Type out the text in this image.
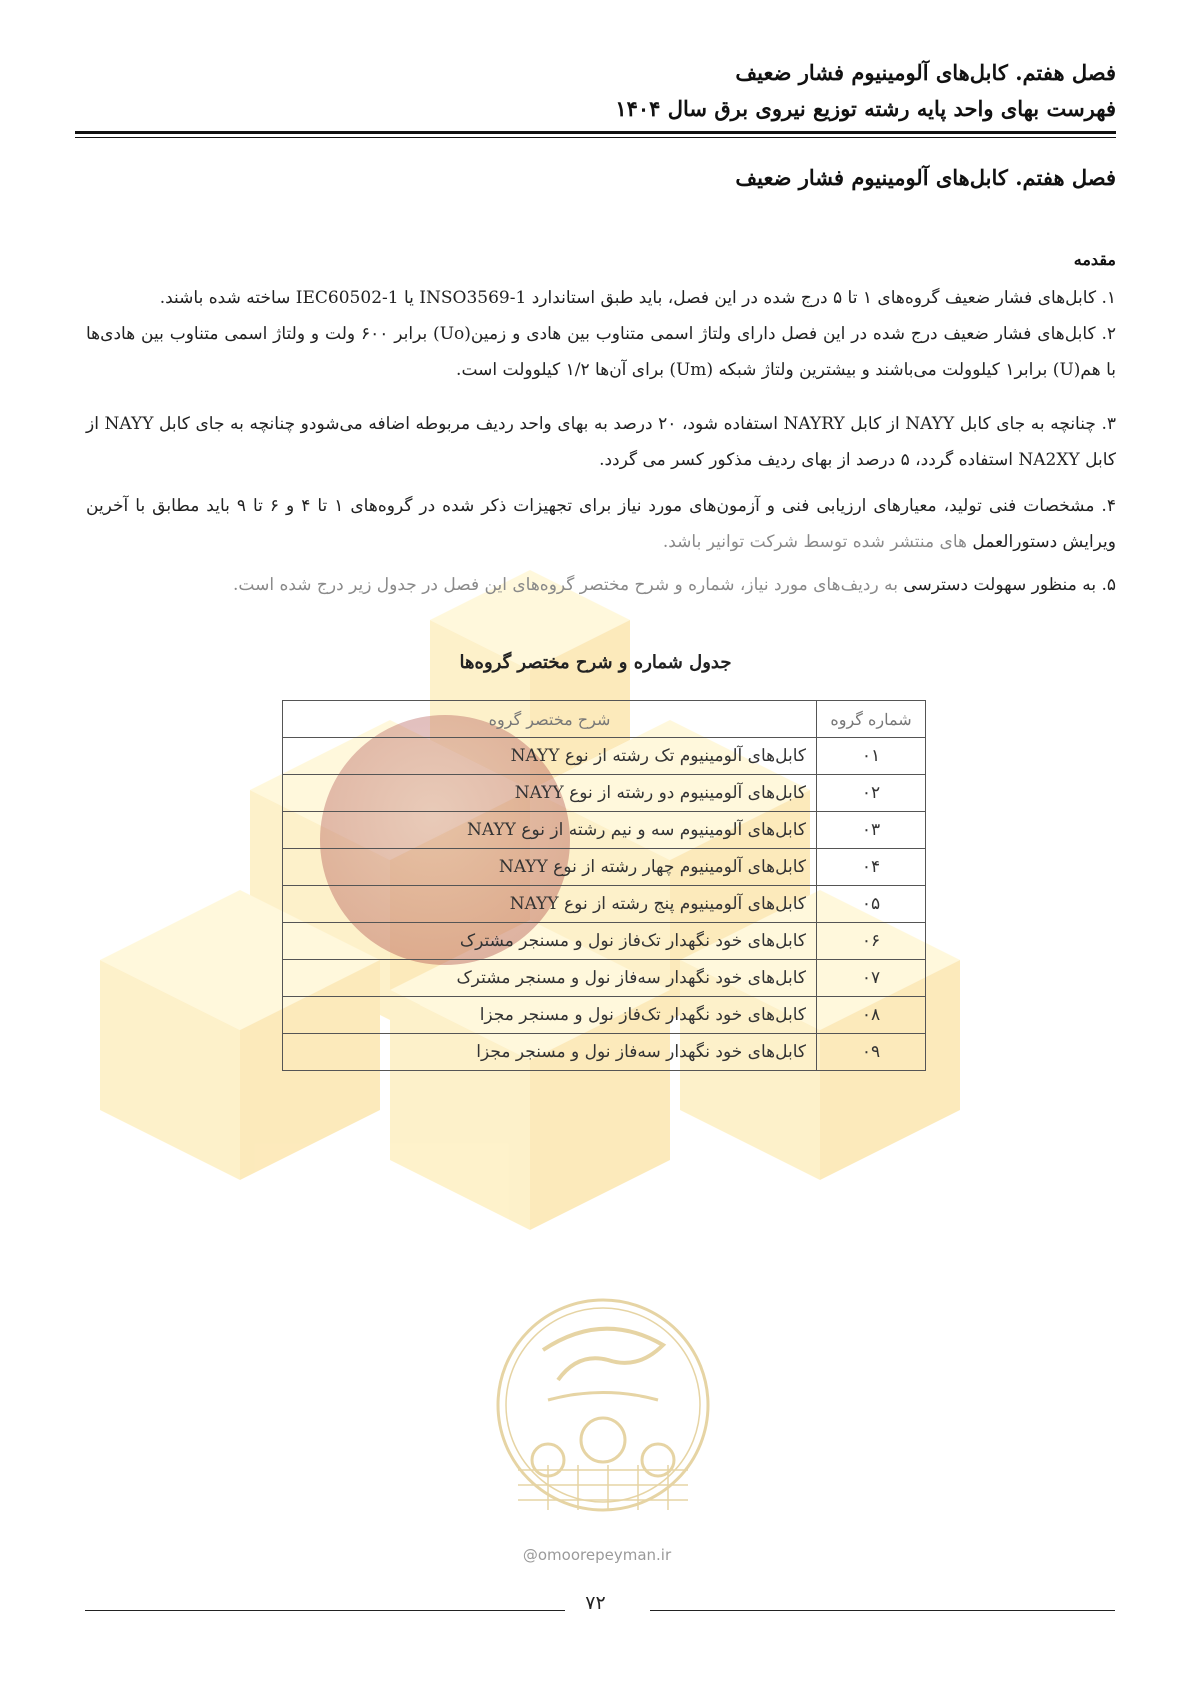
@omoorepeyman.ir
فصل هفتم. کابل‌های آلومینیوم فشار ضعیف
فهرست بهای واحد پایه رشته توزیع نیروی برق سال ۱۴۰۴
فصل هفتم. کابل‌های آلومینیوم فشار ضعیف
مقدمه
۱. کابل‌های فشار ضعیف گروه‌های ۱ تا ۵ درج شده در این فصل، باید طبق استاندارد INSO3569-1 یا IEC60502-1 ساخته شده باشند.
۲. کابل‌های فشار ضعیف درج شده در این فصل دارای ولتاژ اسمی متناوب بین هادی و زمین(Uo) برابر ۶۰۰ ولت و ولتاژ اسمی متناوب بین هادی‌ها با هم(U) برابر۱ کیلوولت می‌باشند و بیشترین ولتاژ شبکه (Um) برای آن‌ها ۱/۲ کیلوولت است.
۳. چنانچه به جای کابل NAYY از کابل NAYRY استفاده شود، ۲۰ درصد به بهای واحد ردیف مربوطه اضافه می‌شودو چنانچه به جای کابل NAYY از کابل NA2XY استفاده گردد، ۵ درصد از بهای ردیف مذکور کسر می گردد.
۴. مشخصات فنی تولید، معیارهای ارزیابی فنی و آزمون‌های مورد نیاز برای تجهیزات ذکر شده در گروه‌های ۱ تا ۴ و ۶ تا ۹ باید مطابق با آخرین ویرایش دستورالعمل های منتشر شده توسط شرکت توانیر باشد.
۵. به منظور سهولت دسترسی به ردیف‌های مورد نیاز، شماره و شرح مختصر گروه‌های این فصل در جدول زیر درج شده است.
جدول شماره و شرح مختصر گروه‌ها
شماره گروه	شرح مختصر گروه
۰۱	کابل‌های آلومینیوم تک رشته از نوع NAYY
۰۲	کابل‌های آلومینیوم دو رشته از نوع NAYY
۰۳	کابل‌های آلومینیوم سه و نیم رشته از نوع NAYY
۰۴	کابل‌های آلومینیوم چهار رشته از نوع NAYY
۰۵	کابل‌های آلومینیوم پنج رشته از نوع NAYY
۰۶	کابل‌های خود نگهدار تک‌فاز نول و مسنجر مشترک
۰۷	کابل‌های خود نگهدار سه‌فاز نول و مسنجر مشترک
۰۸	کابل‌های خود نگهدار تک‌فاز نول و مسنجر مجزا
۰۹	کابل‌های خود نگهدار سه‌فاز نول و مسنجر مجزا
۷۲
